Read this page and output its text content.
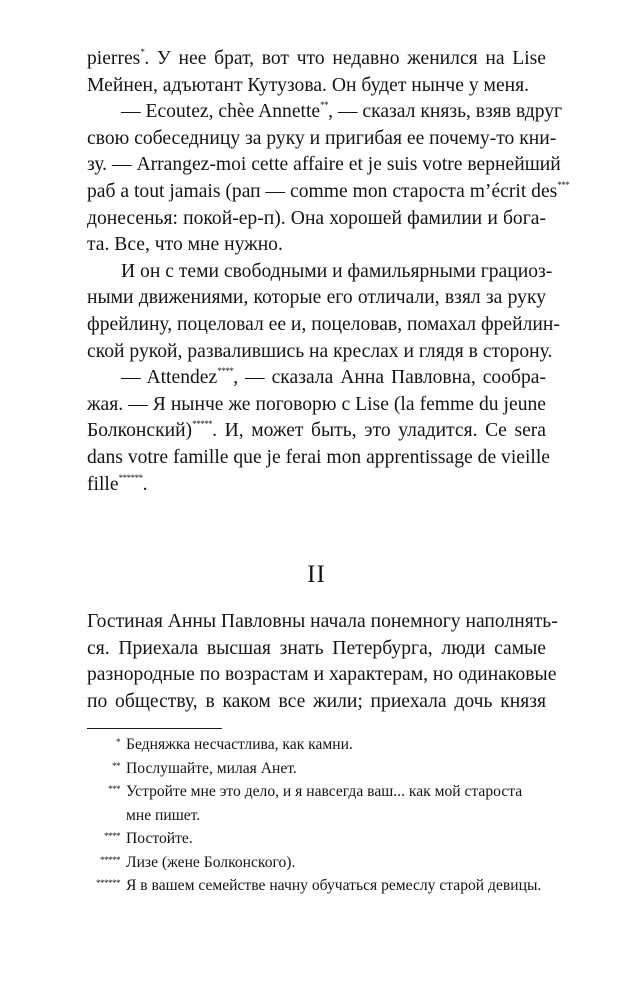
pierres*. У нее брат, вот что недавно женился на Lise
Мейнен, адъютант Кутузова. Он будет нынче у меня.
— Ecoutez, chèe Annette**, — сказал князь, взяв вдруг
свою собеседницу за руку и пригибая ее почему-то кни-
зу. — Arrangez-moi cette affaire et je suis votre вернейший
раб a tout jamais (рап — comme mon староста m’écrit des***
донесенья: покой-ер-п). Она хорошей фамилии и бога-
та. Все, что мне нужно.
И он с теми свободными и фамильярными грациоз-
ными движениями, которые его отличали, взял за руку
фрейлину, поцеловал ее и, поцеловав, помахал фрейлин-
ской рукой, развалившись на креслах и глядя в сторону.
— Attendez****, — сказала Анна Павловна, сообра-
жая. — Я нынче же поговорю с Lise (la femme du jeune
Болконский)*****. И, может быть, это уладится. Ce sera
dans votre famille que je ferai mon apprentissage de vieille
fille******.
II
Гостиная Анны Павловны начала понемногу наполнять-
ся. Приехала высшая знать Петербурга, люди самые
разнородные по возрастам и характерам, но одинаковые
по обществу, в каком все жили; приехала дочь князя
* Бедняжка несчастлива, как камни.
** Послушайте, милая Анет.
*** Устройте мне это дело, и я навсегда ваш... как мой староста мне пишет.
**** Постойте.
***** Лизе (жене Болконского).
****** Я в вашем семействе начну обучаться ремеслу старой девицы.
